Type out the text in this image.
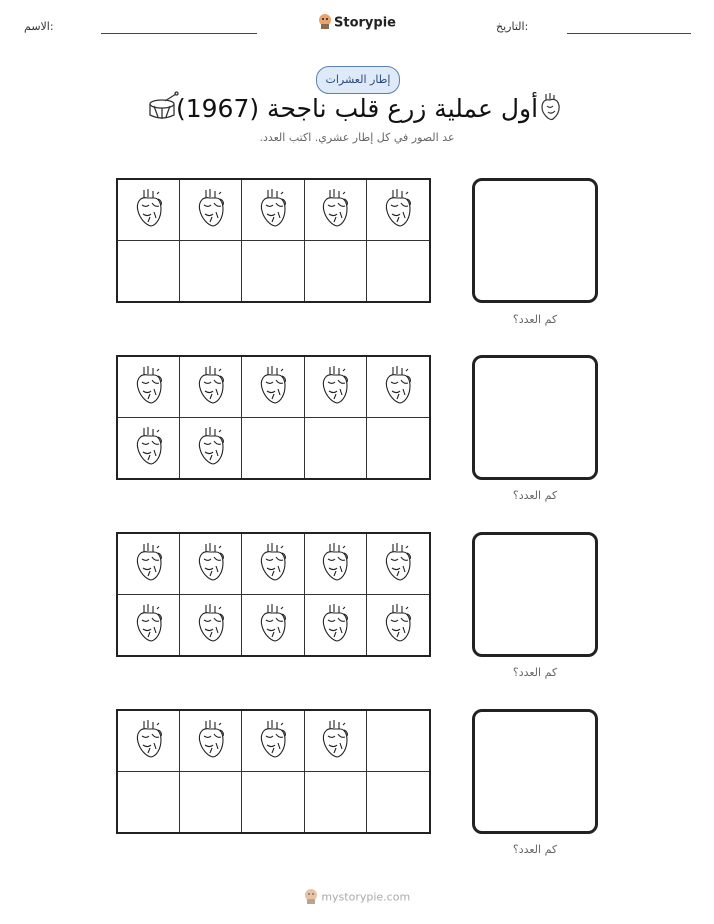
الاسم:	Storypie	التاريخ:
إطار العشرات
أول عملية زرع قلب ناجحة (1967)
عد الصور في كل إطار عشري. اكتب العدد.
كم العدد؟
كم العدد؟
كم العدد؟
كم العدد؟
mystorypie.com
